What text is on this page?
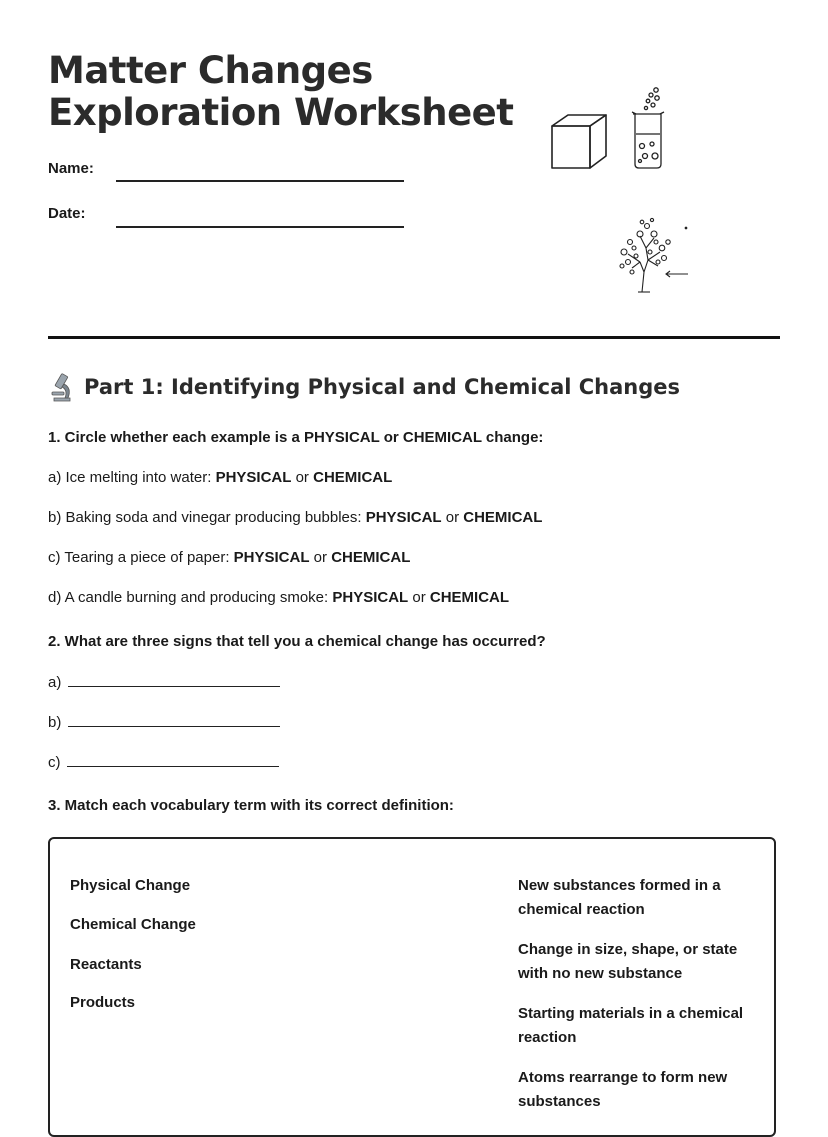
Matter Changes
Exploration Worksheet
Name:
Date:
Part 1: Identifying Physical and Chemical Changes

1. Circle whether each example is a PHYSICAL or CHEMICAL change:

a) Ice melting into water: PHYSICAL or CHEMICAL

b) Baking soda and vinegar producing bubbles: PHYSICAL or CHEMICAL

c) Tearing a piece of paper: PHYSICAL or CHEMICAL

d) A candle burning and producing smoke: PHYSICAL or CHEMICAL

2. What are three signs that tell you a chemical change has occurred?

a)

b)

c)

3. Match each vocabulary term with its correct definition:

Physical Change
Chemical Change
Reactants
Products
New substances formed in a chemical reaction
Change in size, shape, or state with no new substance
Starting materials in a chemical reaction
Atoms rearrange to form new substances
